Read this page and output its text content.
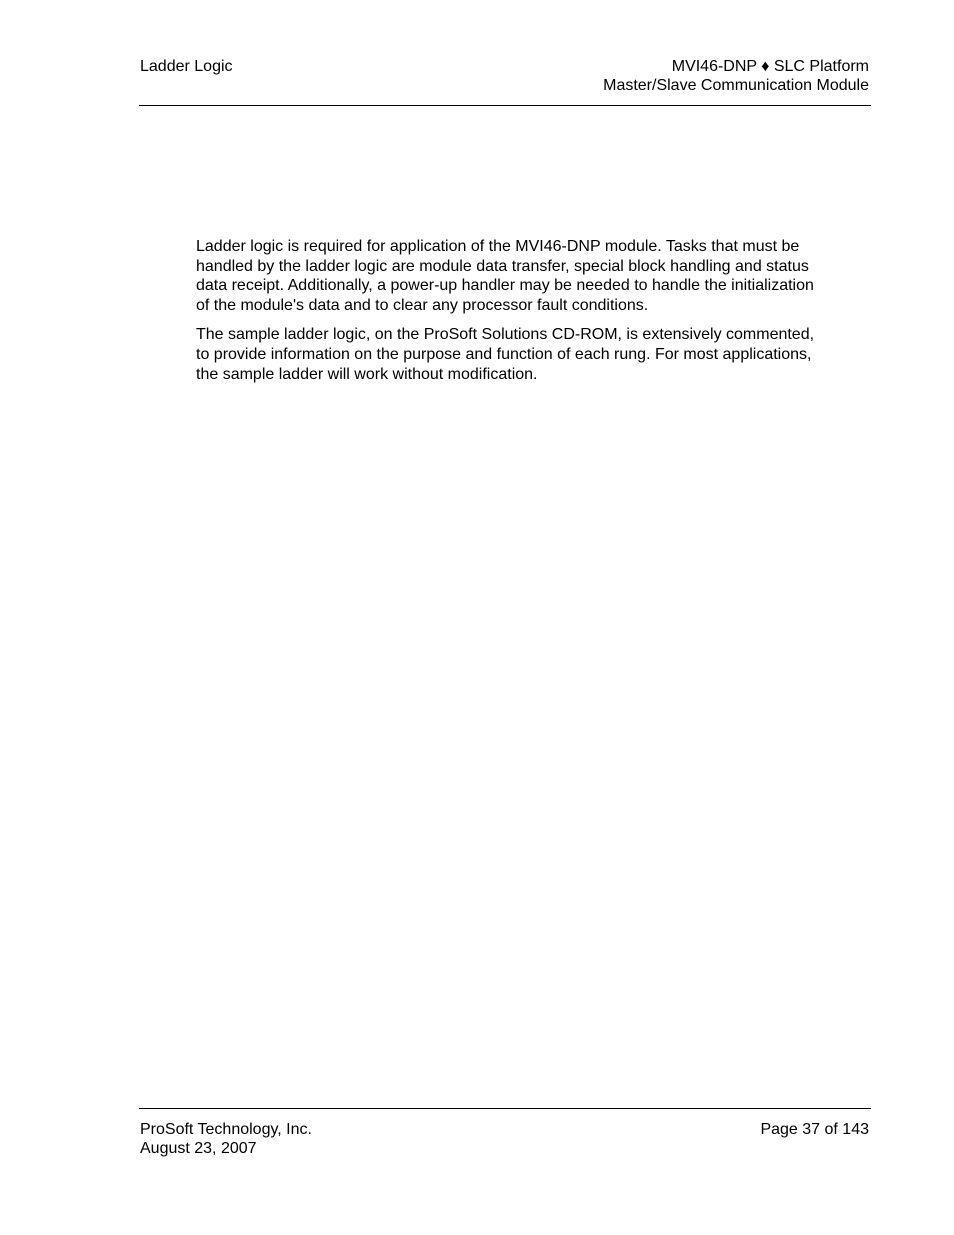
Ladder Logic	MVI46-DNP ♦ SLC Platform
Master/Slave Communication Module

Ladder logic is required for application of the MVI46-DNP module. Tasks that must be handled by the ladder logic are module data transfer, special block handling and status data receipt. Additionally, a power-up handler may be needed to handle the initialization of the module's data and to clear any processor fault conditions.

The sample ladder logic, on the ProSoft Solutions CD-ROM, is extensively commented, to provide information on the purpose and function of each rung. For most applications, the sample ladder will work without modification.

ProSoft Technology, Inc.
August 23, 2007
Page 37 of 143
